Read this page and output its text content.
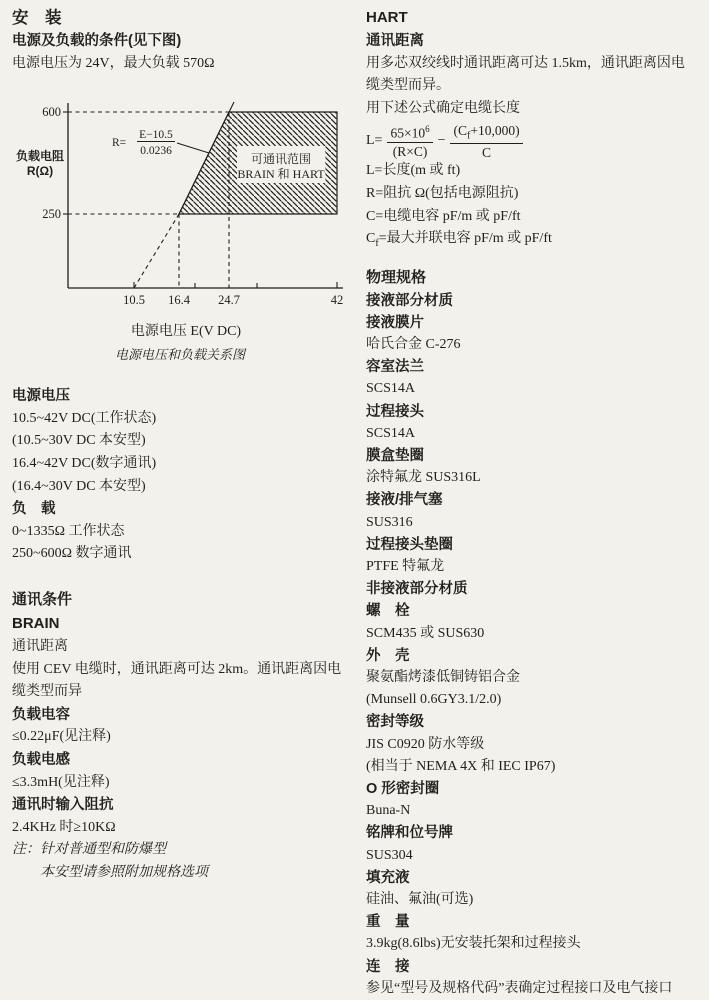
安　装
电源及负载的条件(见下图)
电源电压为 24V，最大负载 570Ω
600
250
负载电阻
R(Ω)
R=
E−10.5
0.0236
可通讯范围
BRAIN 和 HART
10.5 16.4 24.7	42
电源电压 E(V DC)
电源电压和负载关系图
电源电压
10.5~42V DC(工作状态)
(10.5~30V DC 本安型)
16.4~42V DC(数字通讯)
(16.4~30V DC 本安型)
负　载
0~1335Ω 工作状态
250~600Ω 数字通讯
通讯条件
BRAIN
通讯距离
使用 CEV 电缆时，通讯距离可达 2km。通讯距离因电
缆类型而异
负载电容
≤0.22μF(见注释)
负载电感
≤3.3mH(见注释)
通讯时输入阻抗
2.4KHz 时≥10KΩ
注：针对普通型和防爆型
本安型请参照附加规格选项
HART
通讯距离
用多芯双绞线时通讯距离可达 1.5km，通讯距离因电
缆类型而异。
用下述公式确定电缆长度
$L= \frac{65\times 10^6}{(R\times C)} - \frac{(C_f+10,000)}{C}$
L=长度(m 或 ft)
R=阻抗 Ω(包括电源阻抗)
C=电缆电容 pF/m 或 pF/ft
$C_f=$最大并联电容 pF/m 或 pF/ft
物理规格
接液部分材质
接液膜片
哈氏合金 C-276
容室法兰
SCS14A
过程接头
SCS14A
膜盒垫圈
涂特氟龙 SUS316L
接液/排气塞
SUS316
过程接头垫圈
PTFE 特氟龙
非接液部分材质
螺　栓
SCM435 或 SUS630
外　壳
聚氨酯烤漆低铜铸铝合金
(Munsell 0.6GY3.1/2.0)
密封等级
JIS C0920 防水等级
(相当于 NEMA 4X 和 IEC IP67)
O 形密封圈
Buna-N
铭牌和位号牌
SUS304
填充液
硅油、氟油(可选)
重　量
3.9kg(8.6lbs)无安装托架和过程接头
连　接
参见“型号及规格代码”表确定过程接口及电气接口
